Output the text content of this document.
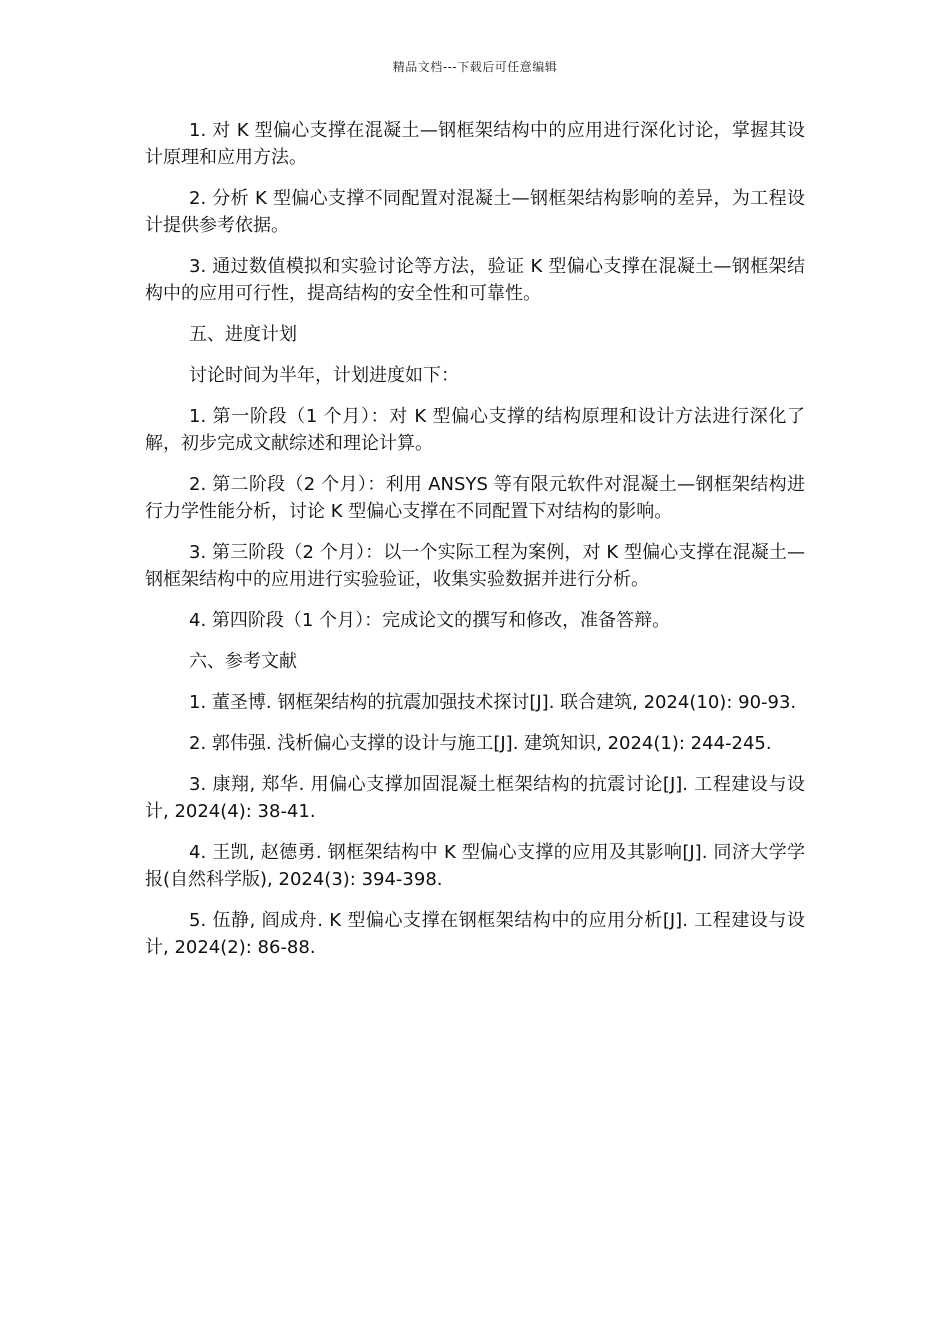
精品文档---下载后可任意编辑

1. 对 K 型偏心支撑在混凝土—钢框架结构中的应用进行深化讨论，掌握其设计原理和应用方法。

2. 分析 K 型偏心支撑不同配置对混凝土—钢框架结构影响的差异，为工程设计提供参考依据。

3. 通过数值模拟和实验讨论等方法，验证 K 型偏心支撑在混凝土—钢框架结构中的应用可行性，提高结构的安全性和可靠性。

五、进度计划

讨论时间为半年，计划进度如下：

1. 第一阶段（1 个月）：对 K 型偏心支撑的结构原理和设计方法进行深化了解，初步完成文献综述和理论计算。

2. 第二阶段（2 个月）：利用 ANSYS 等有限元软件对混凝土—钢框架结构进行力学性能分析，讨论 K 型偏心支撑在不同配置下对结构的影响。

3. 第三阶段（2 个月）：以一个实际工程为案例，对 K 型偏心支撑在混凝土—钢框架结构中的应用进行实验验证，收集实验数据并进行分析。

4. 第四阶段（1 个月）：完成论文的撰写和修改，准备答辩。

六、参考文献

1. 董圣博. 钢框架结构的抗震加强技术探讨[J]. 联合建筑, 2024(10): 90-93.

2. 郭伟强. 浅析偏心支撑的设计与施工[J]. 建筑知识, 2024(1): 244-245.

3. 康翔, 郑华. 用偏心支撑加固混凝土框架结构的抗震讨论[J]. 工程建设与设计, 2024(4): 38-41.

4. 王凯, 赵德勇. 钢框架结构中 K 型偏心支撑的应用及其影响[J]. 同济大学学报(自然科学版), 2024(3): 394-398.

5. 伍静, 阎成舟. K 型偏心支撑在钢框架结构中的应用分析[J]. 工程建设与设计, 2024(2): 86-88.
